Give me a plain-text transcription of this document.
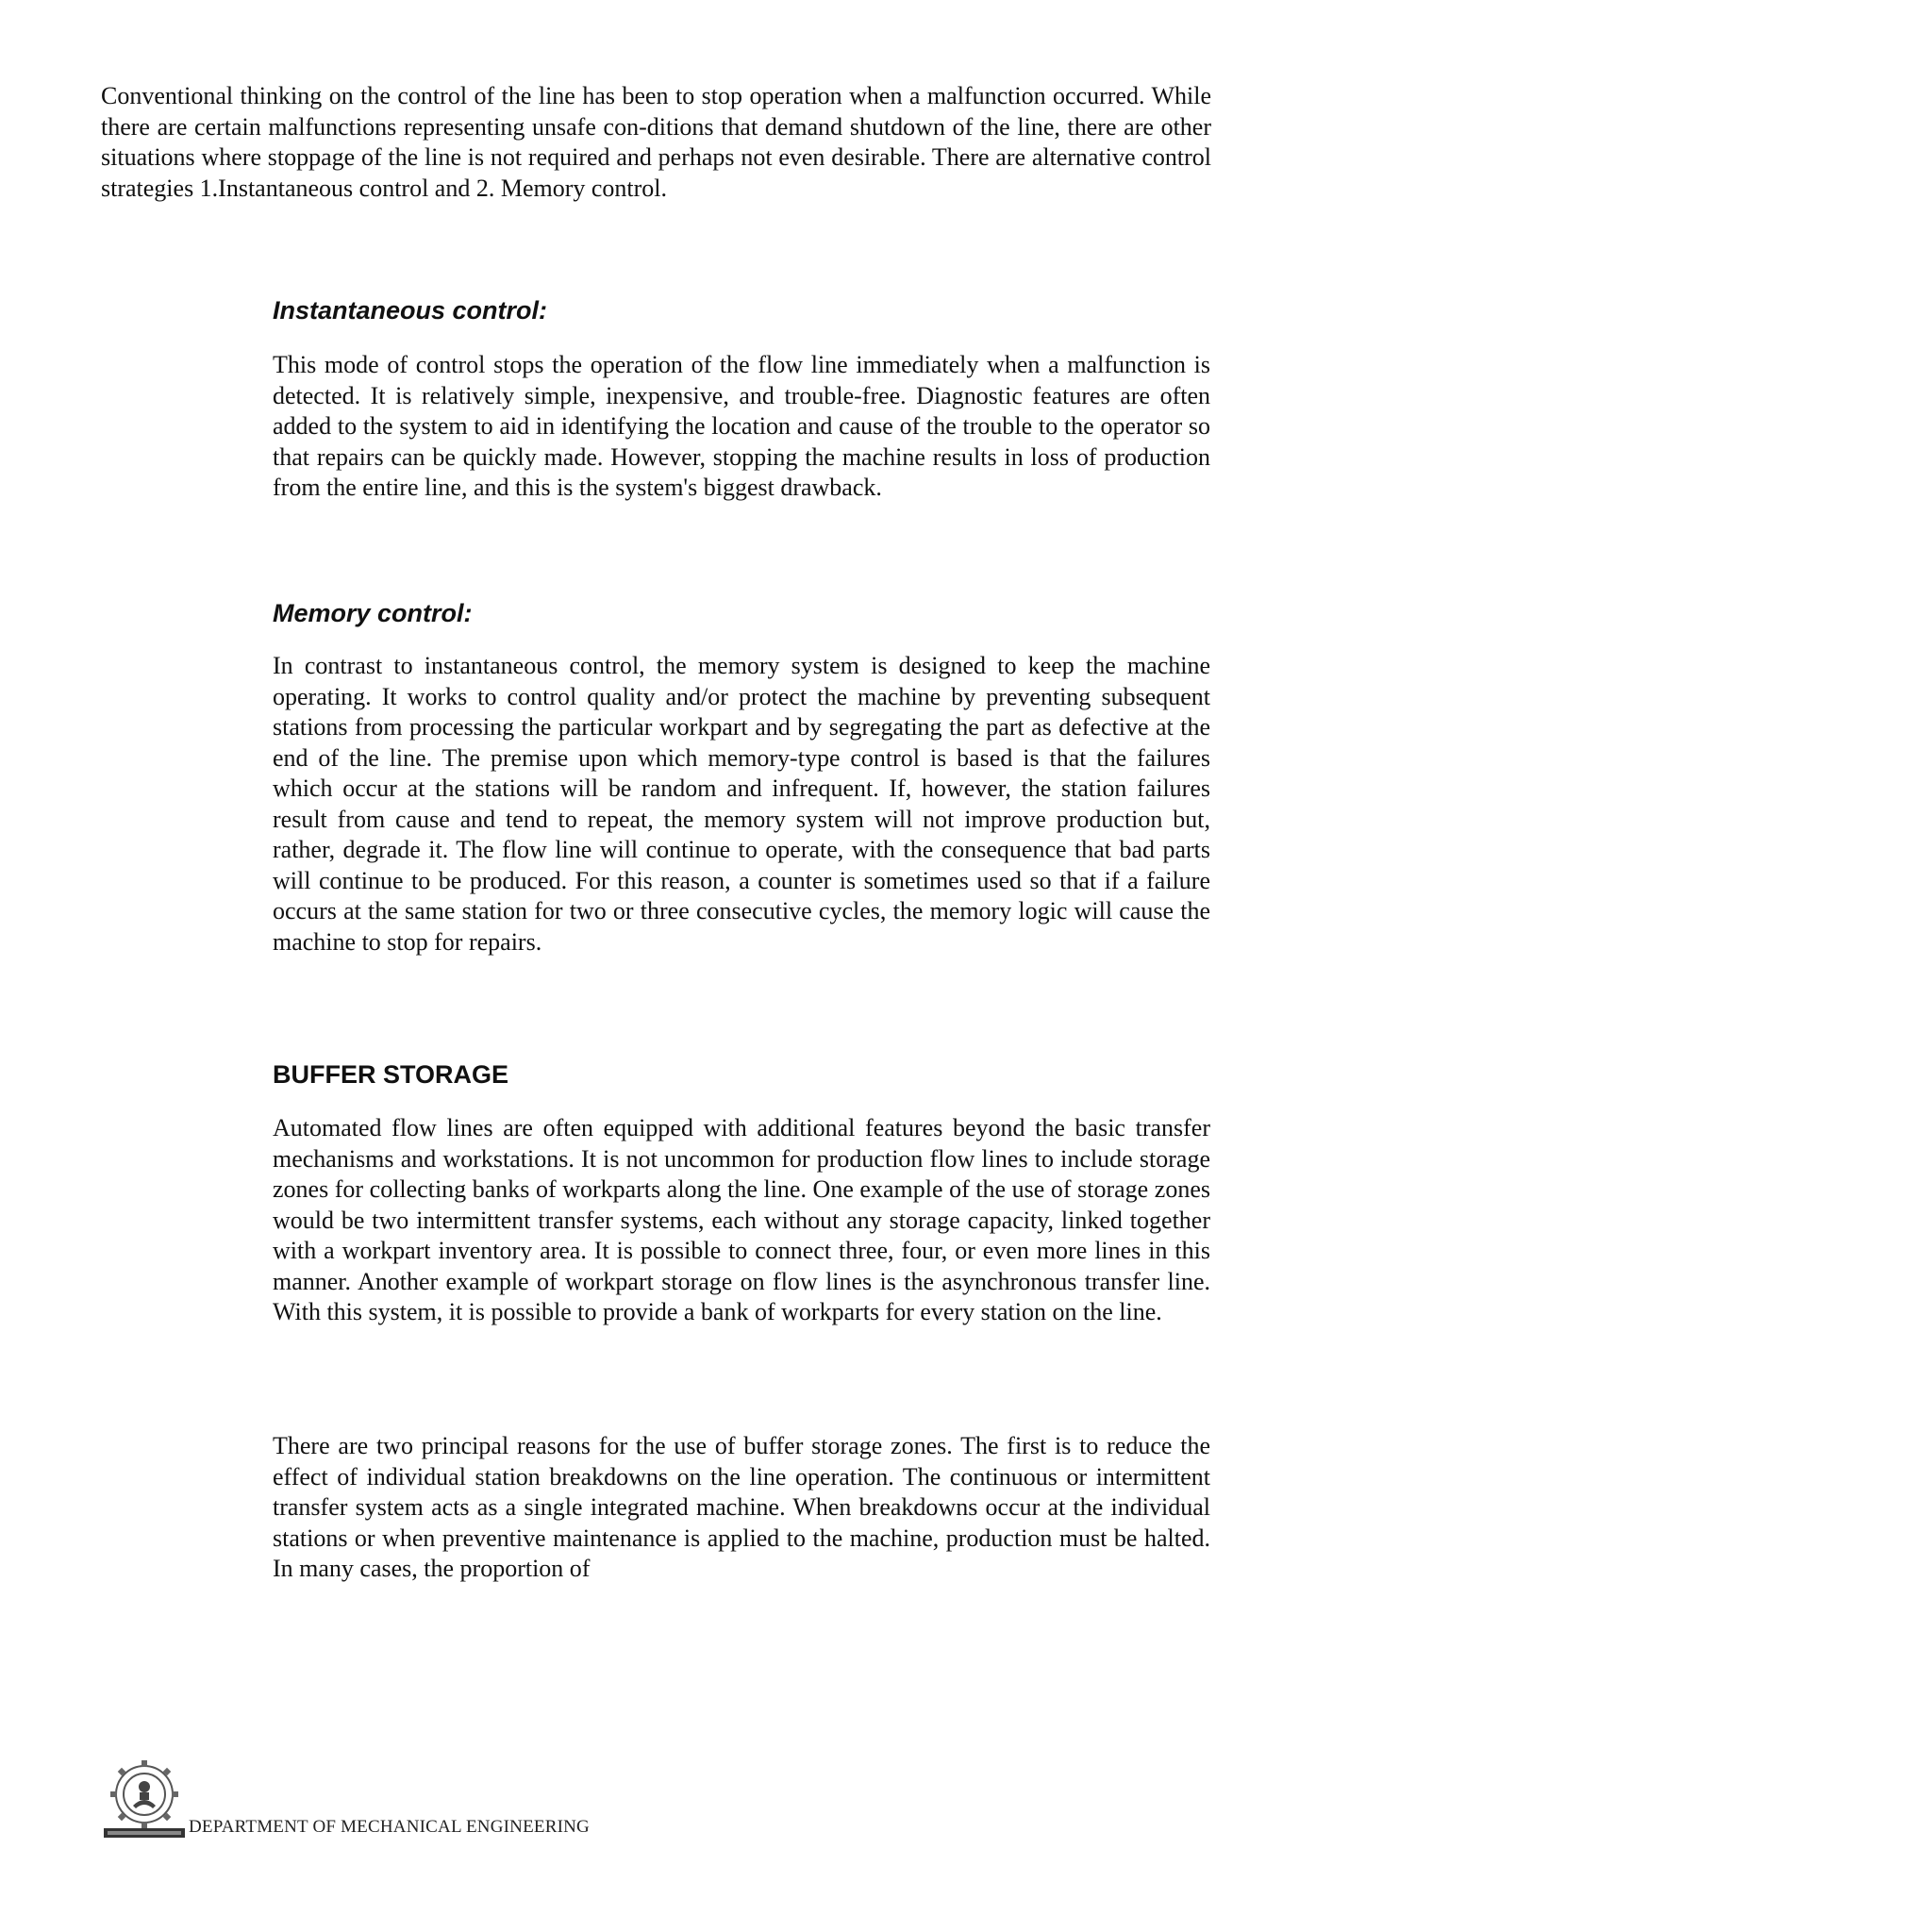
Conventional thinking on the control of the line has been to stop operation when a malfunction occurred. While there are certain malfunctions representing unsafe con-ditions that demand shutdown of the line, there are other situations where stoppage of the line is not required and perhaps not even desirable. There are alternative control strategies 1.Instantaneous control and 2. Memory control.

Instantaneous control:

This mode of control stops the operation of the flow line immediately when a malfunction is detected. It is relatively simple, inexpensive, and trouble-free. Diagnostic features are often added to the system to aid in identifying the location and cause of the trouble to the operator so that repairs can be quickly made. However, stopping the machine results in loss of production from the entire line, and this is the system's biggest drawback.

Memory control:

In contrast to instantaneous control, the memory system is designed to keep the machine operating. It works to control quality and/or protect the machine by preventing subsequent stations from processing the particular workpart and by segregating the part as defective at the end of the line. The premise upon which memory-type control is based is that the failures which occur at the stations will be random and infrequent. If, however, the station failures result from cause and tend to repeat, the memory system will not improve production but, rather, degrade it. The flow line will continue to operate, with the consequence that bad parts will continue to be produced. For this reason, a counter is sometimes used so that if a failure occurs at the same station for two or three consecutive cycles, the memory logic will cause the machine to stop for repairs.

BUFFER STORAGE

Automated flow lines are often equipped with additional features beyond the basic transfer mechanisms and workstations. It is not uncommon for production flow lines to include storage zones for collecting banks of workparts along the line. One example of the use of storage zones would be two intermittent transfer systems, each without any storage capacity, linked together with a workpart inventory area. It is possible to connect three, four, or even more lines in this manner. Another example of workpart storage on flow lines is the asynchronous transfer line. With this system, it is possible to provide a bank of workparts for every station on the line.

There are two principal reasons for the use of buffer storage zones. The first is to reduce the effect of individual station breakdowns on the line operation. The continuous or intermittent transfer system acts as a single integrated machine. When breakdowns occur at the individual stations or when preventive maintenance is applied to the machine, production must be halted. In many cases, the proportion of

DEPARTMENT OF MECHANICAL ENGINEERING
